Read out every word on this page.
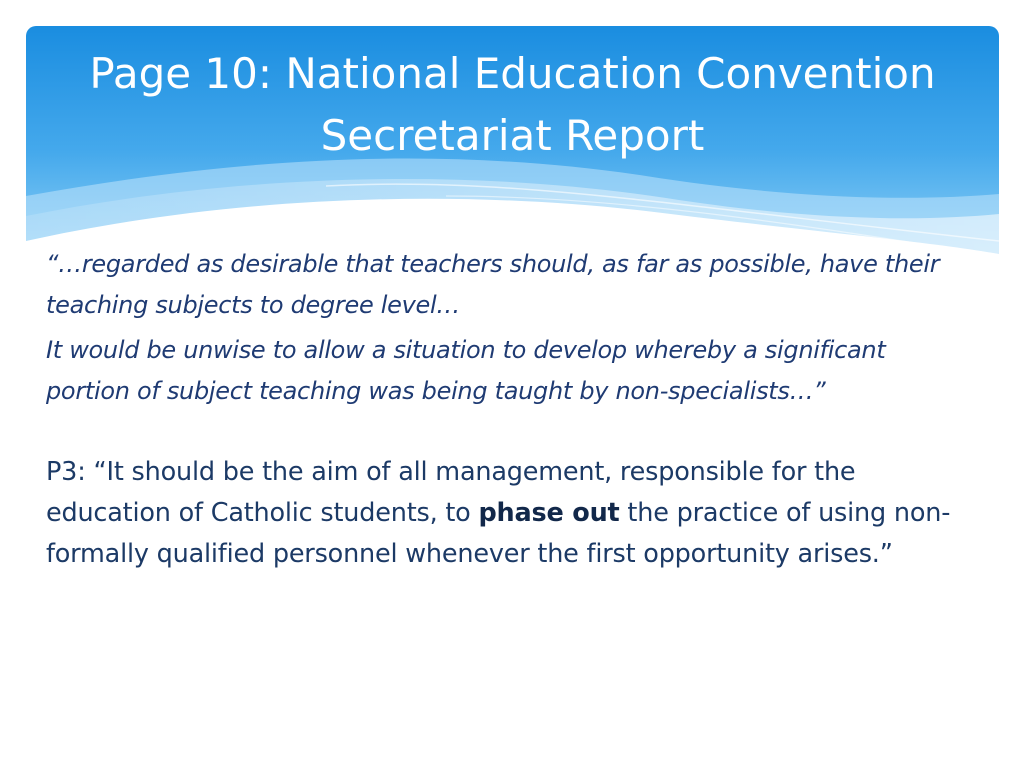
Page 10: National Education Convention Secretariat Report

“…regarded as desirable that teachers should, as far as possible, have their teaching subjects to degree level…

It would be unwise to allow a situation to develop whereby a significant portion of subject teaching was being taught by non-specialists…”

P3: “It should be the aim of all management, responsible for the education of Catholic students, to phase out the practice of using non-formally qualified personnel whenever the first opportunity arises.”
